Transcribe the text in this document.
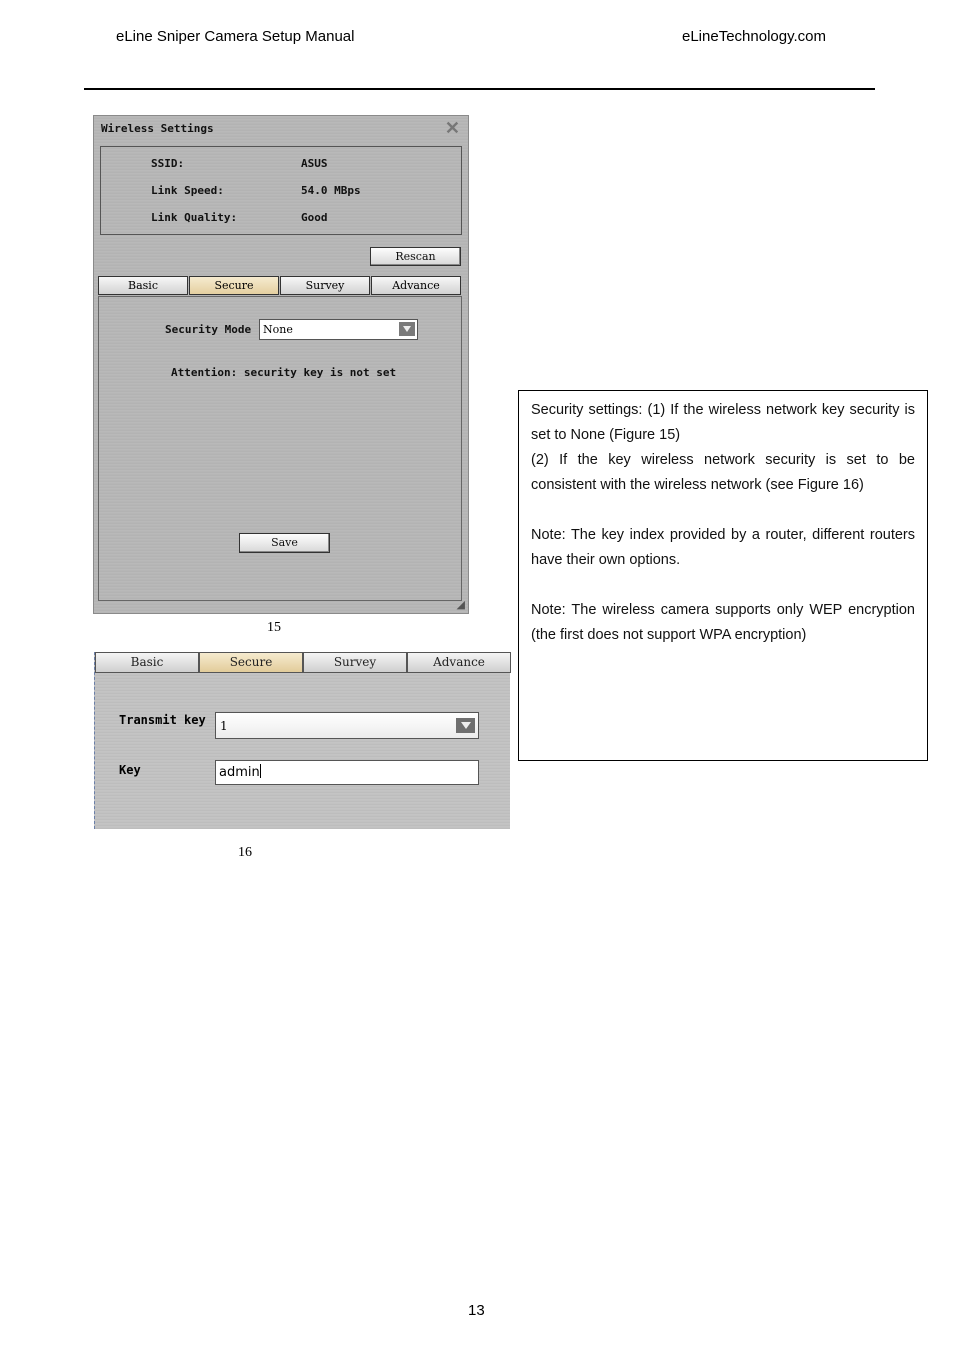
eLine Sniper Camera Setup Manual	eLineTechnology.com
Wireless Settings	✕
SSID:	ASUS
Link Speed:	54.0 MBps
Link Quality:	Good
Rescan
Basic	Secure	Survey	Advance
Security Mode	None
Attention: security key is not set
Save
◢
15
Basic	Secure	Survey	Advance
Transmit key	1
Key	admin
16

Security settings: (1) If the wireless network key security is set to None (Figure 15)

(2) If the key wireless network security is set to be consistent with the wireless network (see Figure 16)

Note: The key index provided by a router, different routers have their own options.

Note: The wireless camera supports only WEP encryption (the first does not support WPA encryption)

13
